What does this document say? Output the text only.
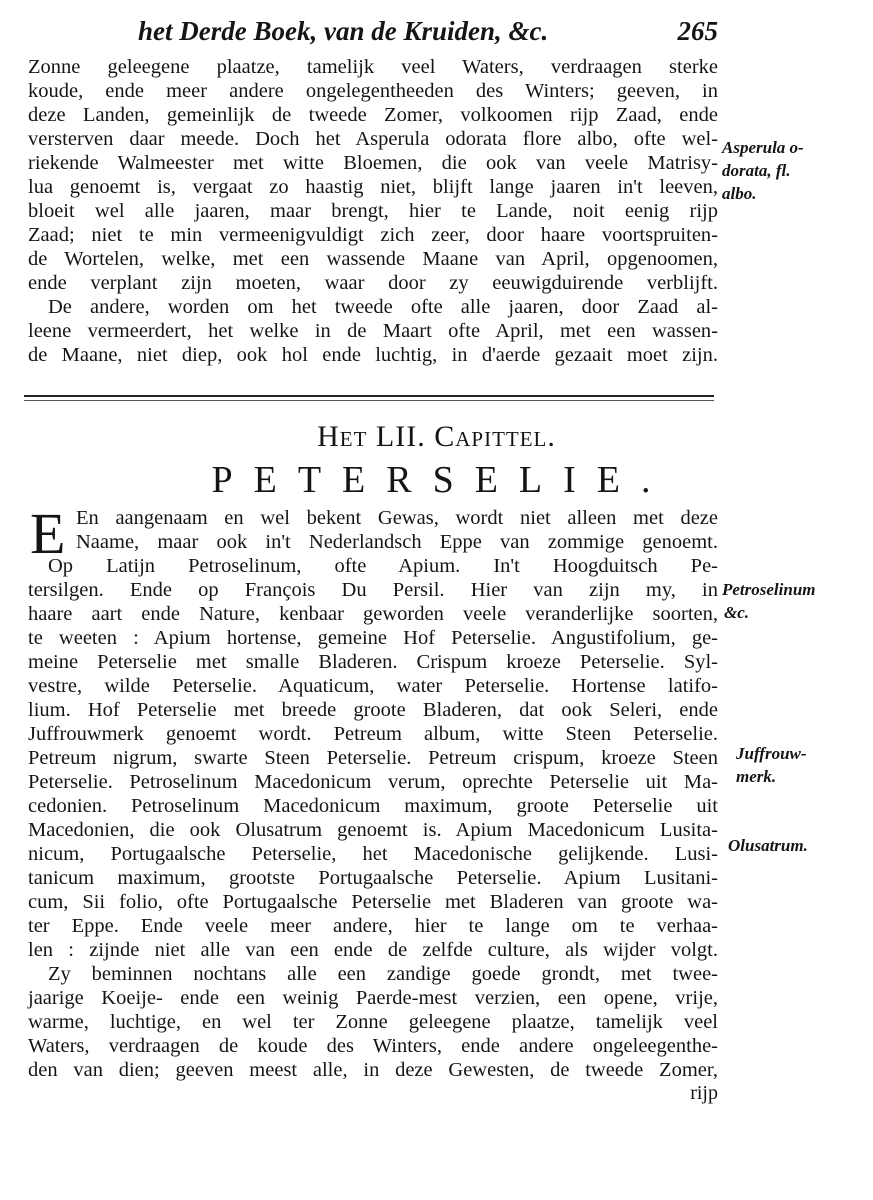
het Derde Boek, van de Kruiden, &c.	265
Zonne geleegene plaatze, tamelijk veel Waters, verdraagen sterke
koude, ende meer andere ongelegentheeden des Winters; geeven, in
deze Landen, gemeinlijk de tweede Zomer, volkoomen rijp Zaad, ende
versterven daar meede. Doch het Asperula odorata flore albo, ofte wel-
riekende Walmeester met witte Bloemen, die ook van veele Matrisy-
lua genoemt is, vergaat zo haastig niet, blijft lange jaaren in't leeven,
bloeit wel alle jaaren, maar brengt, hier te Lande, noit eenig rijp
Zaad; niet te min vermeenigvuldigt zich zeer, door haare voortspruiten-
de Wortelen, welke, met een wassende Maane van April, opgenoomen,
ende verplant zijn moeten, waar door zy eeuwigduirende verblijft.
De andere, worden om het tweede ofte alle jaaren, door Zaad al-
leene vermeerdert, het welke in de Maart ofte April, met een wassen-
de Maane, niet diep, ook hol ende luchtig, in d'aerde gezaait moet zijn.
Het LII. Capittel.
PETERSELIE.
E En aangenaam en wel bekent Gewas, wordt niet alleen met deze
Naame, maar ook in't Nederlandsch Eppe van zommige genoemt.
Op Latijn Petroselinum, ofte Apium. In't Hoogduitsch Pe-
tersilgen. Ende op François Du Persil. Hier van zijn my, in
haare aart ende Nature, kenbaar geworden veele veranderlijke soorten,
te weeten : Apium hortense, gemeine Hof Peterselie. Angustifolium, ge-
meine Peterselie met smalle Bladeren. Crispum kroeze Peterselie. Syl-
vestre, wilde Peterselie. Aquaticum, water Peterselie. Hortense latifo-
lium. Hof Peterselie met breede groote Bladeren, dat ook Seleri, ende
Juffrouwmerk genoemt wordt. Petreum album, witte Steen Peterselie.
Petreum nigrum, swarte Steen Peterselie. Petreum crispum, kroeze Steen
Peterselie. Petroselinum Macedonicum verum, oprechte Peterselie uit Ma-
cedonien. Petroselinum Macedonicum maximum, groote Peterselie uit
Macedonien, die ook Olusatrum genoemt is. Apium Macedonicum Lusita-
nicum, Portugaalsche Peterselie, het Macedonische gelijkende. Lusi-
tanicum maximum, grootste Portugaalsche Peterselie. Apium Lusitani-
cum, Sii folio, ofte Portugaalsche Peterselie met Bladeren van groote wa-
ter Eppe. Ende veele meer andere, hier te lange om te verhaa-
len : zijnde niet alle van een ende de zelfde culture, als wijder volgt.
Zy beminnen nochtans alle een zandige goede grondt, met twee-
jaarige Koeije- ende een weinig Paerde-mest verzien, een opene, vrije,
warme, luchtige, en wel ter Zonne geleegene plaatze, tamelijk veel
Waters, verdraagen de koude des Winters, ende andere ongeleegenthe-
den van dien; geeven meest alle, in deze Gewesten, de tweede Zomer,
rijp
Asperula o-
dorata, fl.
albo.
Petroselinum
&c.
Juffrouw-
merk.
Olusatrum.
